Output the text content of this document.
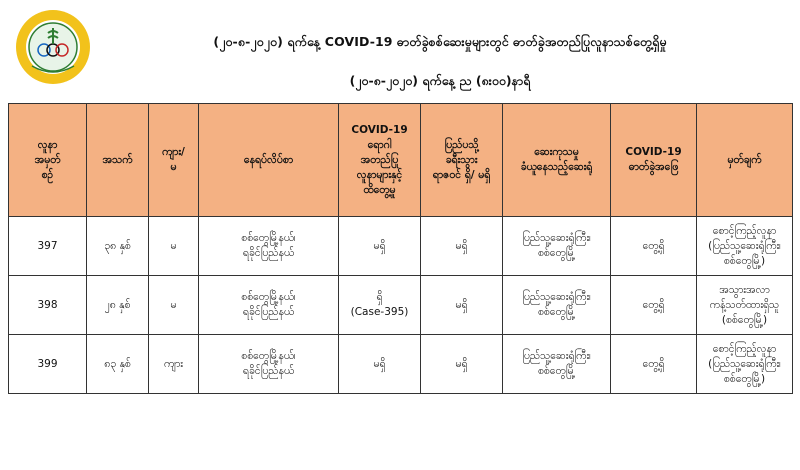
(၂၀-၈-၂၀၂၀) ရက်နေ့ COVID-19 ဓာတ်ခွဲစစ်ဆေးမှုများတွင် ဓာတ်ခွဲအတည်ပြုလူနာသစ်တွေ့ရှိမှု
(၂၀-၈-၂၀၂၀) ရက်နေ့ ည (၈း၀၀)နာရီ
လူနာ
အမှတ်
စဉ်	အသက်	ကျား/
မ	နေရပ်လိပ်စာ	COVID-19
ရောဂါ
အတည်ပြု
လူနာများနှင့်
ထိတွေ့မှု	ပြည်ပသို့
ခရီးသွား
ရာဇဝင် ရှိ/ မရှိ	ဆေးကုသမှု
ခံယူနေသည့်ဆေးရုံ	COVID-19
ဓာတ်ခွဲအဖြေ	မှတ်ချက်

397	၃၈ နှစ်	မ	စစ်တွေမြို့နယ်၊
ရခိုင်ပြည်နယ်	မရှိ	မရှိ	ပြည်သူ့ဆေးရုံကြီး၊
စစ်တွေမြို့	တွေ့ရှိ	စောင့်ကြည့်လူနာ
(ပြည်သူ့ဆေးရုံကြီး၊
စစ်တွေမြို့)

398	၂၈ နှစ်	မ	စစ်တွေမြို့နယ်၊
ရခိုင်ပြည်နယ်	ရှိ
(Case-395)	မရှိ	ပြည်သူ့ဆေးရုံကြီး၊
စစ်တွေမြို့	တွေ့ရှိ	အသွားအလာ
ကန့်သတ်ထားရှိသူ
(စစ်တွေမြို့)

399	၈၃ နှစ်	ကျား	စစ်တွေမြို့နယ်၊
ရခိုင်ပြည်နယ်	မရှိ	မရှိ	ပြည်သူ့ဆေးရုံကြီး၊
စစ်တွေမြို့	တွေ့ရှိ	စောင့်ကြည့်လူနာ
(ပြည်သူ့ဆေးရုံကြီး၊
စစ်တွေမြို့)
